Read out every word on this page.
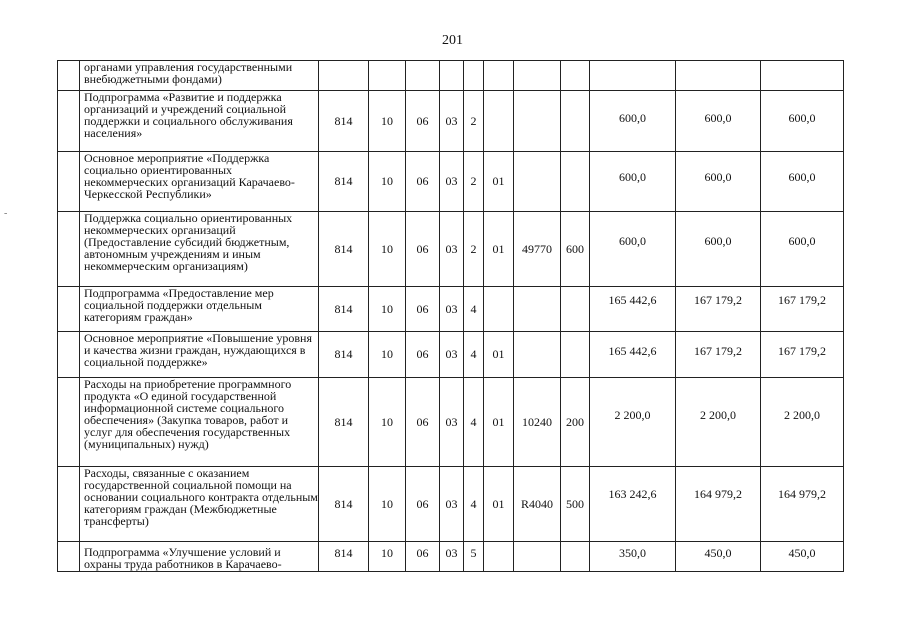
201
-
	органами управления государственными внебюджетными фондами)											
	Подпрограмма «Развитие и поддержка организаций и учреждений социальной поддержки и социального обслуживания населения»	814	10	06	03	2				600,0	600,0	600,0
	Основное мероприятие «Поддержка социально ориентированных некоммерческих организаций Карачаево-Черкесской Республики»	814	10	06	03	2	01			600,0	600,0	600,0
	Поддержка социально ориентированных некоммерческих организаций (Предоставление субсидий бюджетным, автономным учреждениям и иным некоммерческим организациям)	814	10	06	03	2	01	49770	600	600,0	600,0	600,0
	Подпрограмма «Предоставление мер социальной поддержки отдельным категориям граждан»	814	10	06	03	4				165 442,6	167 179,2	167 179,2
	Основное мероприятие «Повышение уровня и качества жизни граждан, нуждающихся в социальной поддержке»	814	10	06	03	4	01			165 442,6	167 179,2	167 179,2
	Расходы на приобретение программного продукта «О единой государственной информационной системе социального обеспечения» (Закупка товаров, работ и услуг для обеспечения государственных (муниципальных) нужд)	814	10	06	03	4	01	10240	200	2 200,0	2 200,0	2 200,0
	Расходы, связанные с оказанием государственной социальной помощи на основании социального контракта отдельным категориям граждан (Межбюджетные трансферты)	814	10	06	03	4	01	R4040	500	163 242,6	164 979,2	164 979,2
	Подпрограмма «Улучшение условий и охраны труда работников в Карачаево-	814	10	06	03	5				350,0	450,0	450,0
